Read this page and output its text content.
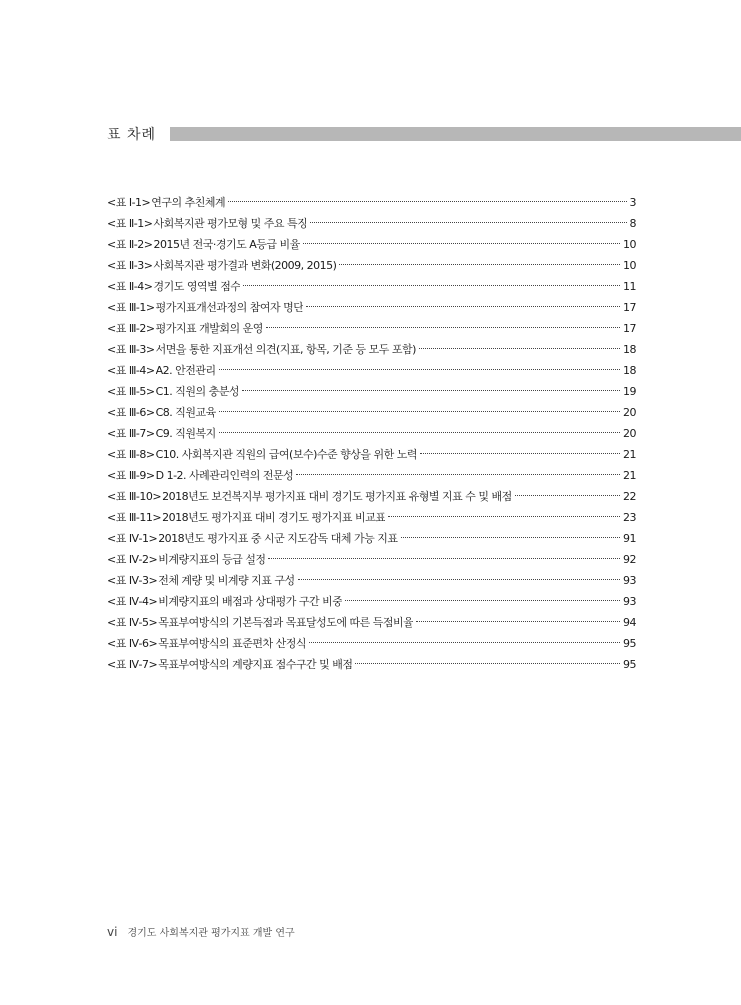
표 차례
<표 Ⅰ-1> 연구의 추친체계	3
<표 Ⅱ-1> 사회복지관 평가모형 및 주요 특징	8
<표 Ⅱ-2> 2015년 전국·경기도 A등급 비율	10
<표 Ⅱ-3> 사회복지관 평가결과 변화(2009, 2015)	10
<표 Ⅱ-4> 경기도 영역별 점수	11
<표 Ⅲ-1> 평가지표개선과정의 참여자 명단	17
<표 Ⅲ-2> 평가지표 개발회의 운영	17
<표 Ⅲ-3> 서면을 통한 지표개선 의견(지표, 항목, 기준 등 모두 포함)	18
<표 Ⅲ-4> A2. 안전관리	18
<표 Ⅲ-5> C1. 직원의 충분성	19
<표 Ⅲ-6> C8. 직원교육	20
<표 Ⅲ-7> C9. 직원복지	20
<표 Ⅲ-8> C10. 사회복지관 직원의 급여(보수)수준 향상을 위한 노력	21
<표 Ⅲ-9> D 1-2. 사례관리인력의 전문성	21
<표 Ⅲ-10> 2018년도 보건복지부 평가지표 대비 경기도 평가지표 유형별 지표 수 및 배점	22
<표 Ⅲ-11> 2018년도 평가지표 대비 경기도 평가지표 비교표	23
<표 Ⅳ-1> 2018년도 평가지표 중 시군 지도감독 대체 가능 지표	91
<표 Ⅳ-2> 비계량지표의 등급 설정	92
<표 Ⅳ-3> 전체 계량 및 비계량 지표 구성	93
<표 Ⅳ-4> 비계량지표의 배점과 상대평가 구간 비중	93
<표 Ⅳ-5> 목표부여방식의 기본득점과 목표달성도에 따른 득점비율	94
<표 Ⅳ-6> 목표부여방식의 표준편차 산정식	95
<표 Ⅳ-7> 목표부여방식의 계량지표 점수구간 및 배점	95
vi 경기도 사회복지관 평가지표 개발 연구
